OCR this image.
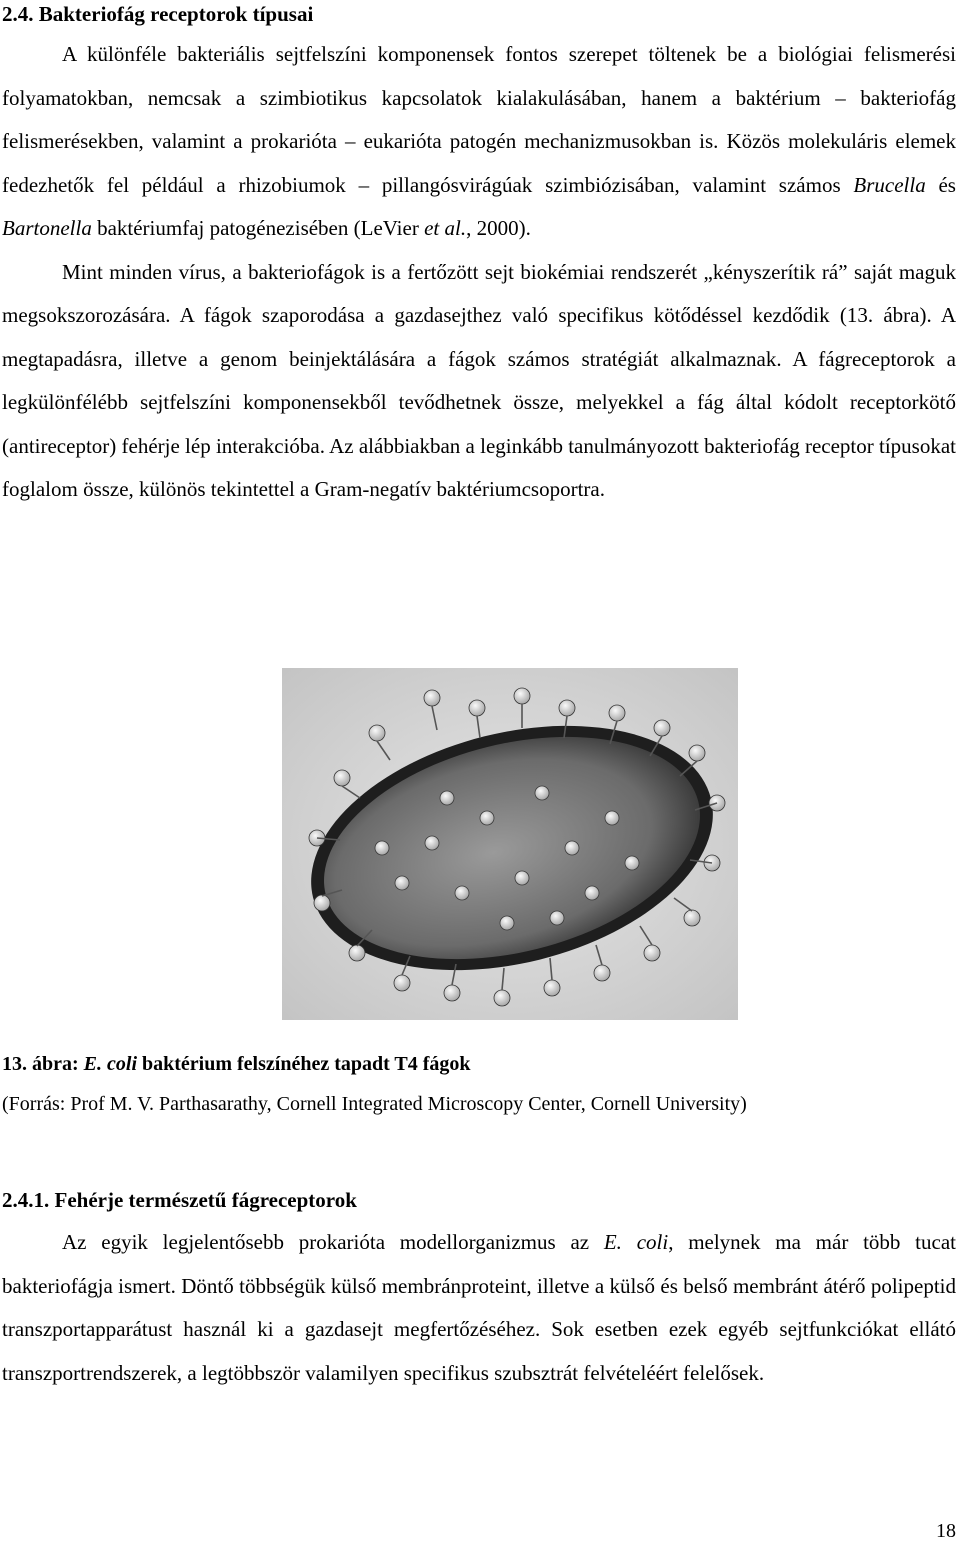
2.4. Bakteriofág receptorok típusai

A különféle bakteriális sejtfelszíni komponensek fontos szerepet töltenek be a biológiai felismerési folyamatokban, nemcsak a szimbiotikus kapcsolatok kialakulásában, hanem a baktérium – bakteriofág felismerésekben, valamint a prokarióta – eukarióta patogén mechanizmusokban is. Közös molekuláris elemek fedezhetők fel például a rhizobiumok – pillangósvirágúak szimbiózisában, valamint számos Brucella és Bartonella baktériumfaj patogénezisében (LeVier et al., 2000).

Mint minden vírus, a bakteriofágok is a fertőzött sejt biokémiai rendszerét „kényszerítik rá” saját maguk megsokszorozására. A fágok szaporodása a gazdasejthez való specifikus kötődéssel kezdődik (13. ábra). A megtapadásra, illetve a genom beinjektálására a fágok számos stratégiát alkalmaznak. A fágreceptorok a legkülönfélébb sejtfelszíni komponensekből tevődhetnek össze, melyekkel a fág által kódolt receptorkötő (antireceptor) fehérje lép interakcióba. Az alábbiakban a leginkább tanulmányozott bakteriofág receptor típusokat foglalom össze, különös tekintettel a Gram-negatív baktériumcsoportra.

13. ábra: E. coli baktérium felszínéhez tapadt T4 fágok

(Forrás: Prof M. V. Parthasarathy, Cornell Integrated Microscopy Center, Cornell University)

2.4.1. Fehérje természetű fágreceptorok

Az egyik legjelentősebb prokarióta modellorganizmus az E. coli, melynek ma már több tucat bakteriofágja ismert. Döntő többségük külső membránproteint, illetve a külső és belső membránt átérő polipeptid transzportapparátust használ ki a gazdasejt megfertőzéséhez. Sok esetben ezek egyéb sejtfunkciókat ellátó transzportrendszerek, a legtöbbször valamilyen specifikus szubsztrát felvételéért felelősek.

18
